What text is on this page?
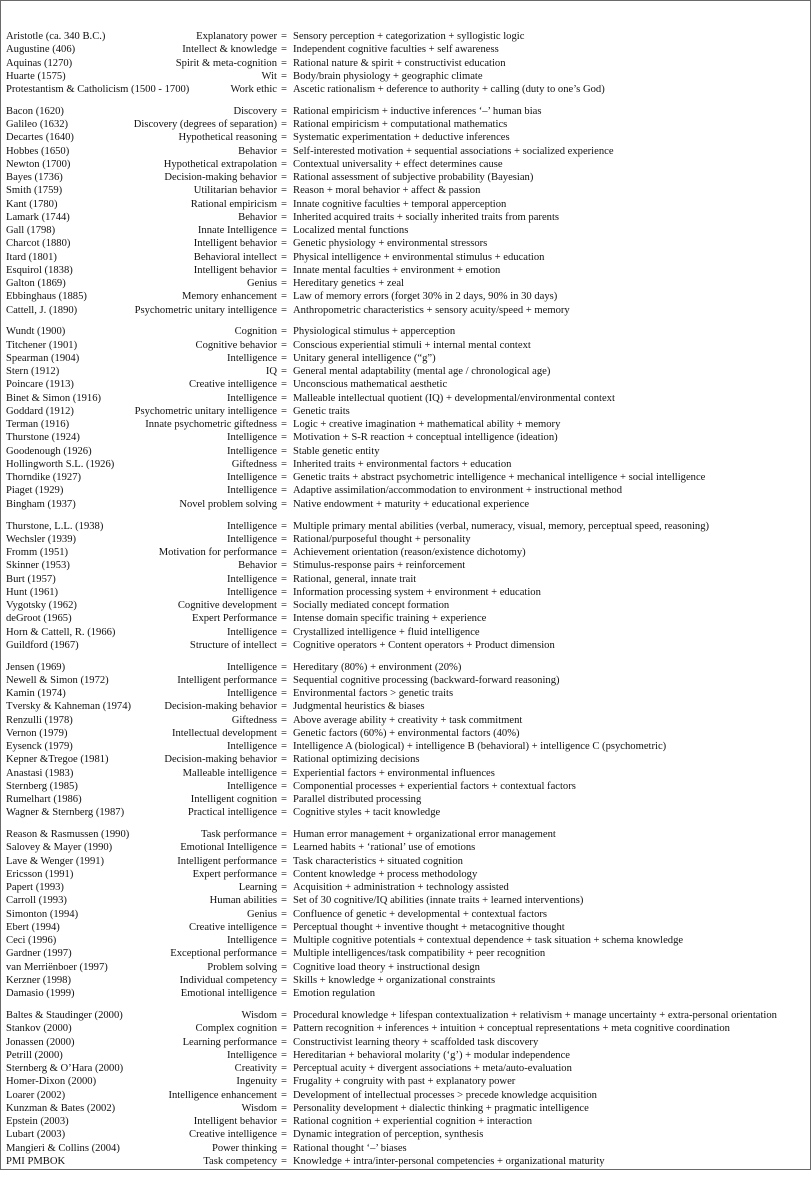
Aristotle (ca. 340 B.C.)	Explanatory power = Sensory perception + categorization + syllogistic logic
Augustine (406)	Intellect & knowledge = Independent cognitive faculties + self awareness
Aquinas (1270)	Spirit & meta-cognition = Rational nature & spirit + constructivist education
Huarte (1575)	Wit = Body/brain physiology + geographic climate
Protestantism & Catholicism (1500 - 1700)	Work ethic = Ascetic rationalism + deference to authority + calling (duty to one’s God)
Bacon (1620)	Discovery = Rational empiricism + inductive inferences ‘–’ human bias
Galileo (1632)	Discovery (degrees of separation) = Rational empiricism + computational mathematics
Decartes (1640)	Hypothetical reasoning = Systematic experimentation + deductive inferences
Hobbes (1650)	Behavior = Self-interested motivation + sequential associations + socialized experience
Newton (1700)	Hypothetical extrapolation = Contextual universality + effect determines cause
Bayes (1736)	Decision-making behavior = Rational assessment of subjective probability (Bayesian)
Smith (1759)	Utilitarian behavior = Reason + moral behavior + affect & passion
Kant (1780)	Rational empiricism = Innate cognitive faculties + temporal apperception
Lamark (1744)	Behavior = Inherited acquired traits + socially inherited traits from parents
Gall (1798)	Innate Intelligence = Localized mental functions
Charcot (1880)	Intelligent behavior = Genetic physiology + environmental stressors
Itard (1801)	Behavioral intellect = Physical intelligence + environmental stimulus + education
Esquirol (1838)	Intelligent behavior = Innate mental faculties + environment + emotion
Galton (1869)	Genius = Hereditary genetics + zeal
Ebbinghaus (1885)	Memory enhancement = Law of memory errors (forget 30% in 2 days, 90% in 30 days)
Cattell, J. (1890)	Psychometric unitary intelligence = Anthropometric characteristics + sensory acuity/speed + memory
Wundt (1900)	Cognition = Physiological stimulus + apperception
Titchener (1901)	Cognitive behavior = Conscious experiential stimuli + internal mental context
Spearman (1904)	Intelligence = Unitary general intelligence (“g”)
Stern (1912)	IQ = General mental adaptability (mental age / chronological age)
Poincare (1913)	Creative intelligence = Unconscious mathematical aesthetic
Binet & Simon (1916)	Intelligence = Malleable intellectual quotient (IQ) + developmental/environmental context
Goddard (1912)	Psychometric unitary intelligence = Genetic traits
Terman (1916)	Innate psychometric giftedness = Logic + creative imagination + mathematical ability + memory
Thurstone (1924)	Intelligence = Motivation + S-R reaction + conceptual intelligence (ideation)
Goodenough (1926)	Intelligence = Stable genetic entity
Hollingworth S.L. (1926)	Giftedness = Inherited traits + environmental factors + education
Thorndike (1927)	Intelligence = Genetic traits + abstract psychometric intelligence + mechanical intelligence + social intelligence
Piaget (1929)	Intelligence = Adaptive assimilation/accommodation to environment + instructional method
Bingham (1937)	Novel problem solving = Native endowment + maturity + educational experience
Thurstone, L.L. (1938)	Intelligence = Multiple primary mental abilities (verbal, numeracy, visual, memory, perceptual speed, reasoning)
Wechsler (1939)	Intelligence = Rational/purposeful thought + personality
Fromm (1951)	Motivation for performance = Achievement orientation (reason/existence dichotomy)
Skinner (1953)	Behavior = Stimulus-response pairs + reinforcement
Burt (1957)	Intelligence = Rational, general, innate trait
Hunt (1961)	Intelligence = Information processing system + environment + education
Vygotsky (1962)	Cognitive development = Socially mediated concept formation
deGroot (1965)	Expert Performance = Intense domain specific training + experience
Horn & Cattell, R. (1966)	Intelligence = Crystallized intelligence + fluid intelligence
Guildford (1967)	Structure of intellect = Cognitive operators + Content operators + Product dimension
Jensen (1969)	Intelligence = Hereditary (80%) + environment (20%)
Newell & Simon (1972)	Intelligent performance = Sequential cognitive processing (backward-forward reasoning)
Kamin (1974)	Intelligence = Environmental factors > genetic traits
Tversky & Kahneman (1974)	Decision-making behavior = Judgmental heuristics & biases
Renzulli (1978)	Giftedness = Above average ability + creativity + task commitment
Vernon (1979)	Intellectual development = Genetic factors (60%) + environmental factors (40%)
Eysenck (1979)	Intelligence = Intelligence A (biological) + intelligence B (behavioral) + intelligence C (psychometric)
Kepner &Tregoe (1981)	Decision-making behavior = Rational optimizing decisions
Anastasi (1983)	Malleable intelligence = Experiential factors + environmental influences
Sternberg (1985)	Intelligence = Componential processes + experiential factors + contextual factors
Rumelhart (1986)	Intelligent cognition = Parallel distributed processing
Wagner & Sternberg (1987)	Practical intelligence = Cognitive styles + tacit knowledge
Reason & Rasmussen (1990)	Task performance = Human error management + organizational error management
Salovey & Mayer (1990)	Emotional Intelligence = Learned habits + ‘rational’ use of emotions
Lave & Wenger (1991)	Intelligent performance = Task characteristics + situated cognition
Ericsson (1991)	Expert performance = Content knowledge + process methodology
Papert (1993)	Learning = Acquisition + administration + technology assisted
Carroll (1993)	Human abilities = Set of 30 cognitive/IQ abilities (innate traits + learned interventions)
Simonton (1994)	Genius = Confluence of genetic + developmental + contextual factors
Ebert (1994)	Creative intelligence = Perceptual thought + inventive thought + metacognitive thought
Ceci (1996)	Intelligence = Multiple cognitive potentials + contextual dependence + task situation + schema knowledge
Gardner (1997)	Exceptional performance = Multiple intelligences/task compatibility + peer recognition
van Merriënboer (1997)	Problem solving = Cognitive load theory + instructional design
Kerzner (1998)	Individual competency = Skills + knowledge + organizational constraints
Damasio (1999)	Emotional intelligence = Emotion regulation
Baltes & Staudinger (2000)	Wisdom = Procedural knowledge + lifespan contextualization + relativism + manage uncertainty + extra-personal orientation
Stankov (2000)	Complex cognition = Pattern recognition + inferences + intuition + conceptual representations + meta cognitive coordination
Jonassen (2000)	Learning performance = Constructivist learning theory + scaffolded task discovery
Petrill (2000)	Intelligence = Hereditarian + behavioral molarity (‘g’) + modular independence
Sternberg & O’Hara (2000)	Creativity = Perceptual acuity + divergent associations + meta/auto-evaluation
Homer-Dixon (2000)	Ingenuity = Frugality + congruity with past + explanatory power
Loarer (2002)	Intelligence enhancement = Development of intellectual processes > precede knowledge acquisition
Kunzman & Bates (2002)	Wisdom = Personality development + dialectic thinking + pragmatic intelligence
Epstein (2003)	Intelligent behavior = Rational cognition + experiential cognition + interaction
Lubart (2003)	Creative intelligence = Dynamic integration of perception, synthesis
Mangieri & Collins (2004)	Power thinking = Rational thought ‘–’ biases
PMI PMBOK	Task competency = Knowledge + intra/inter-personal competencies + organizational maturity
